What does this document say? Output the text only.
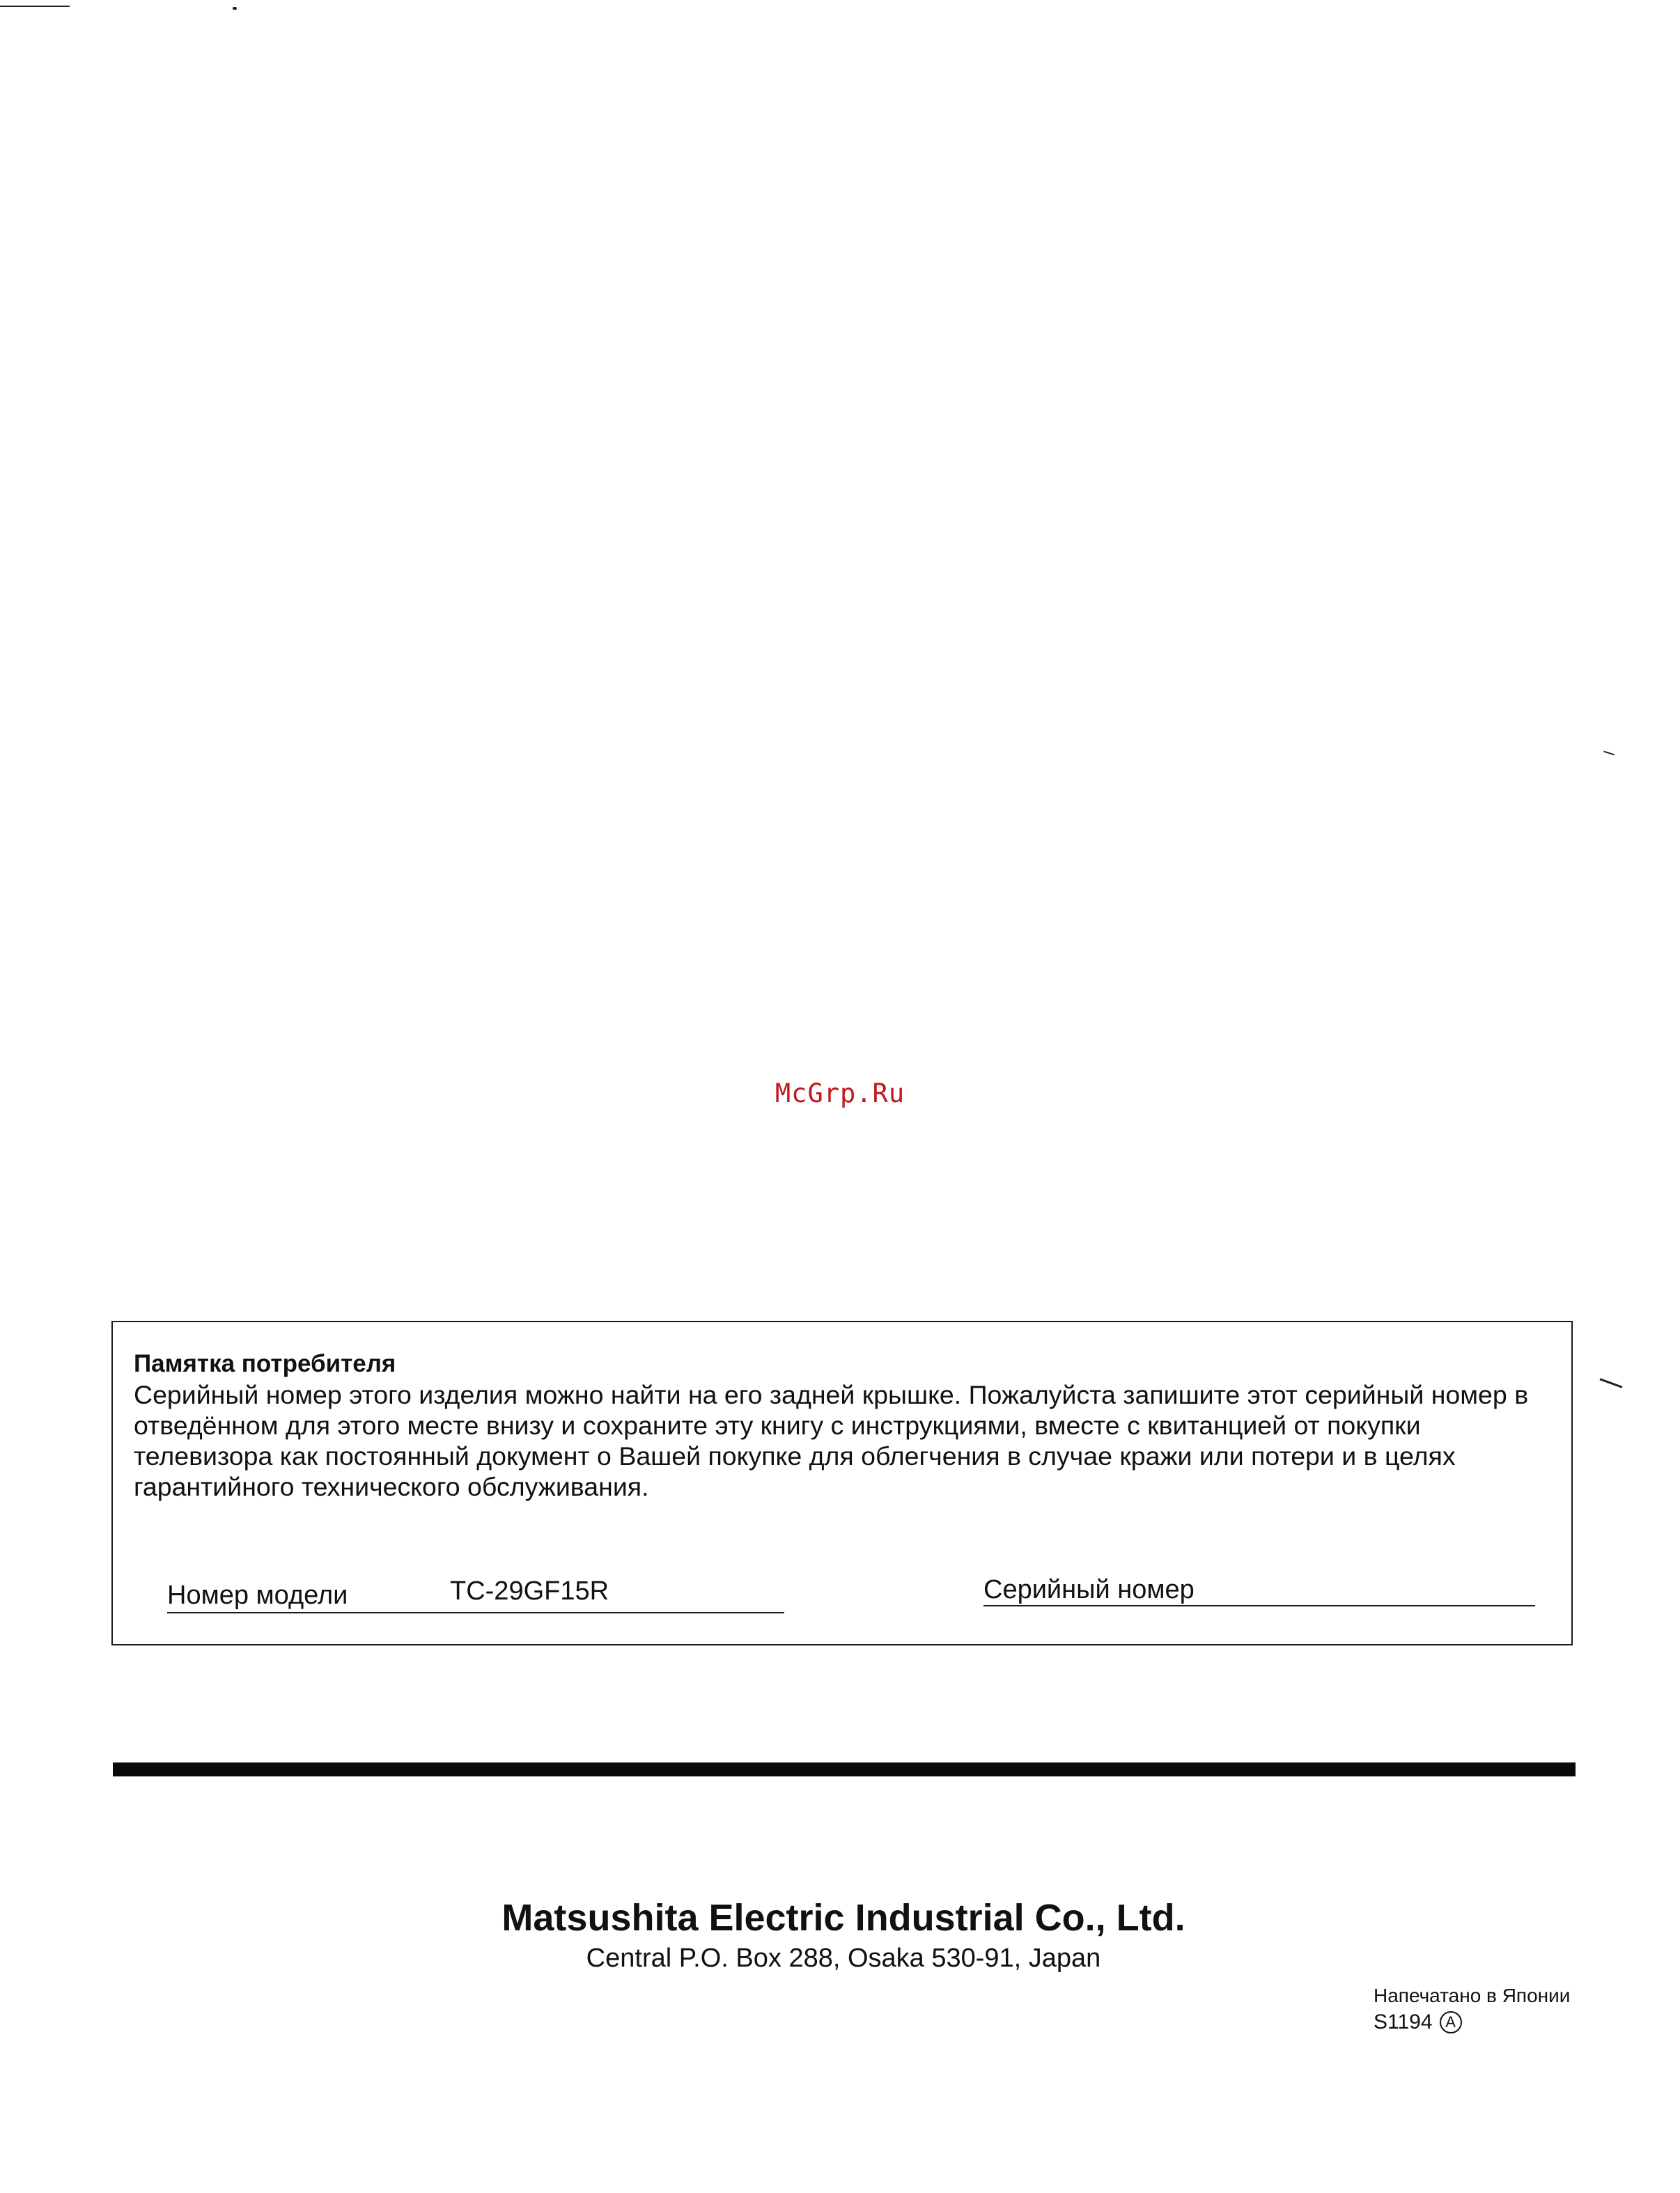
McGrp.Ru
Памятка потребителя
Серийный номер этого изделия можно найти на его задней крышке. Пожалуйста запишите этот серийный номер в отведённом для этого месте внизу и сохраните эту книгу с инструкциями, вместе с квитанцией от покупки телевизора как постоянный документ о Вашей покупке для облегчения в случае кражи или потери и в целях гарантийного технического обслуживания.
Номер модели	TC-29GF15R	Серийный номер
Matsushita Electric Industrial Co., Ltd.
Central P.O. Box 288, Osaka 530-91, Japan
Напечатано в Японии
S1194 A
